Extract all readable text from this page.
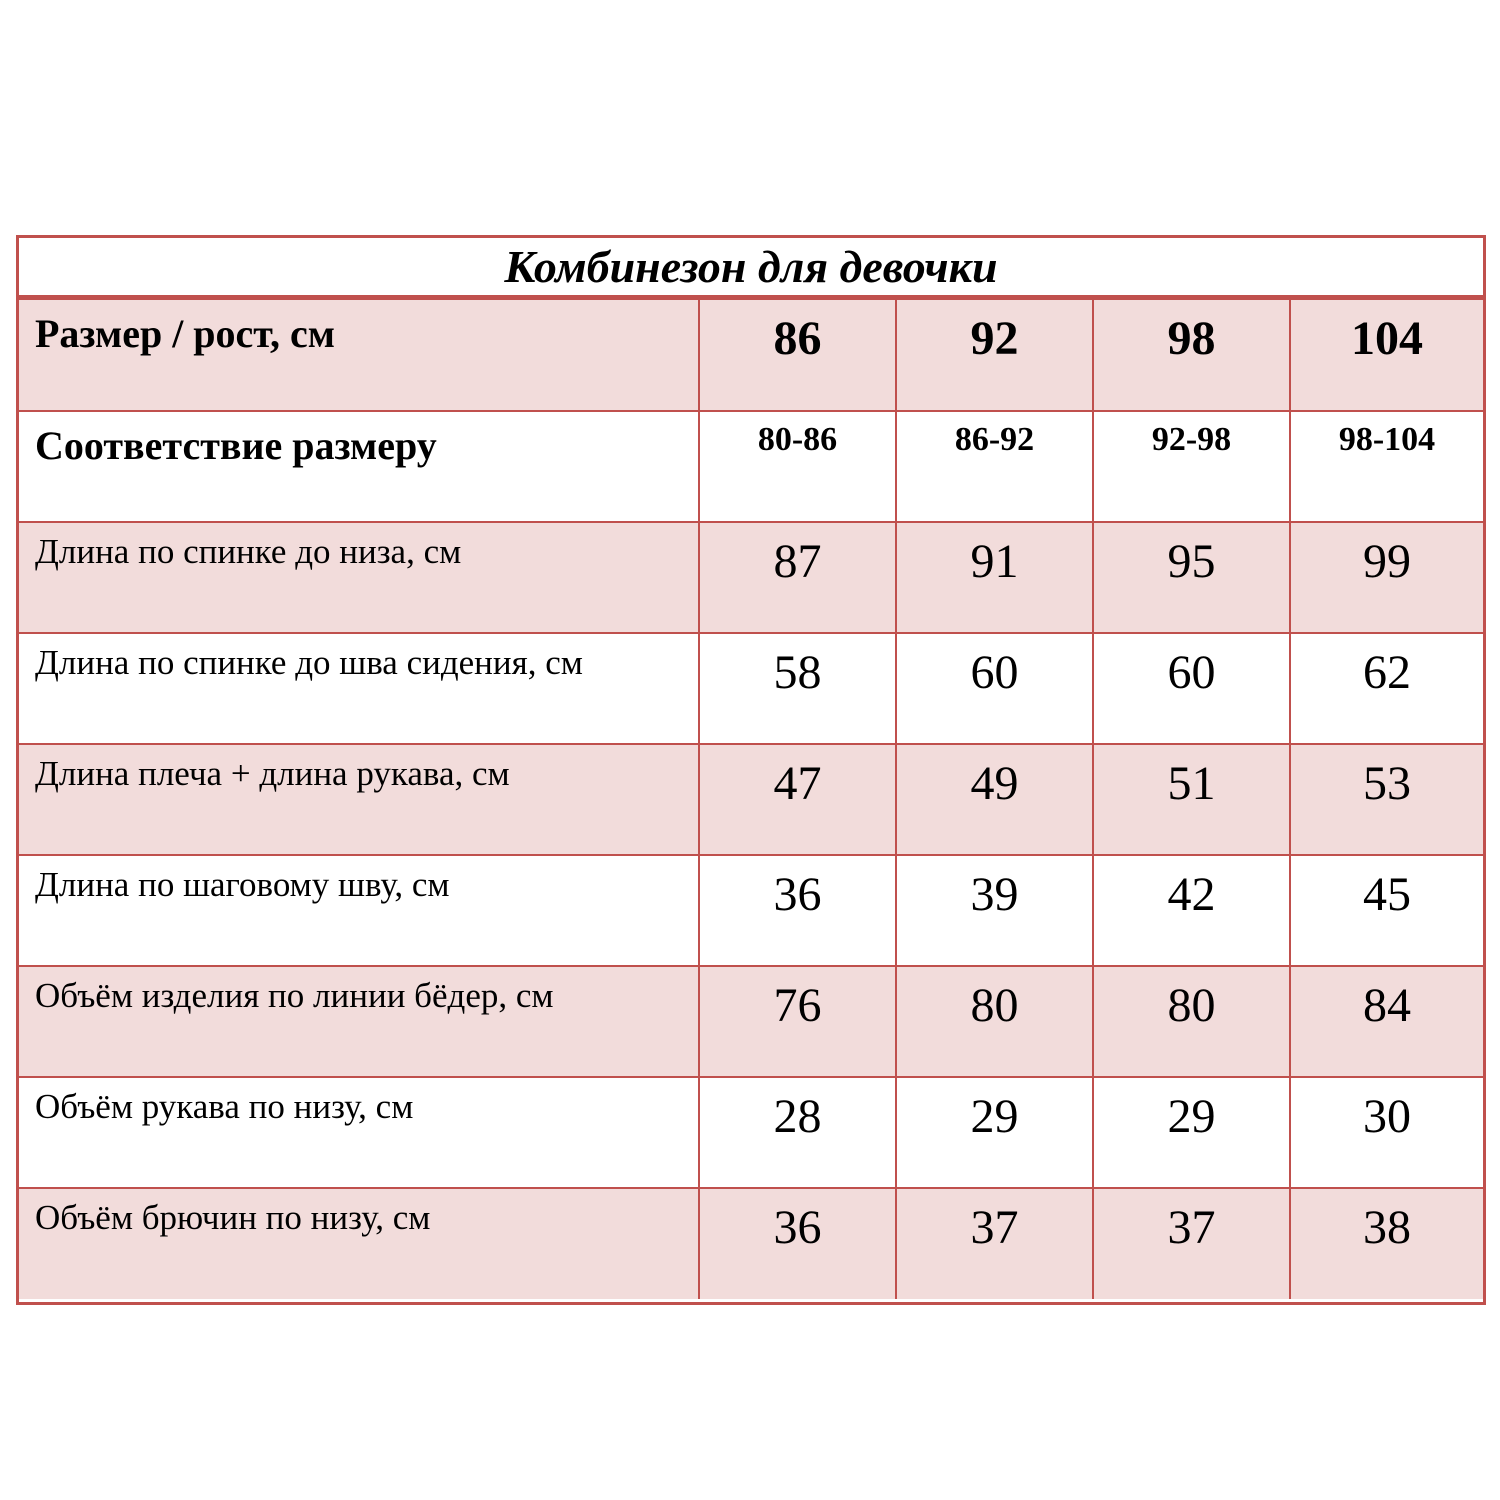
Комбинезон для девочки
Размер / рост, см	86	92	98	104
Соответствие размеру	80-86	86-92	92-98	98-104
Длина по спинке до низа, см	87	91	95	99
Длина по спинке до шва сидения, см	58	60	60	62
Длина плеча + длина рукава, см	47	49	51	53
Длина по шаговому шву, см	36	39	42	45
Объём изделия по линии бёдер, см	76	80	80	84
Объём рукава по низу, см	28	29	29	30
Объём брючин по низу, см	36	37	37	38
